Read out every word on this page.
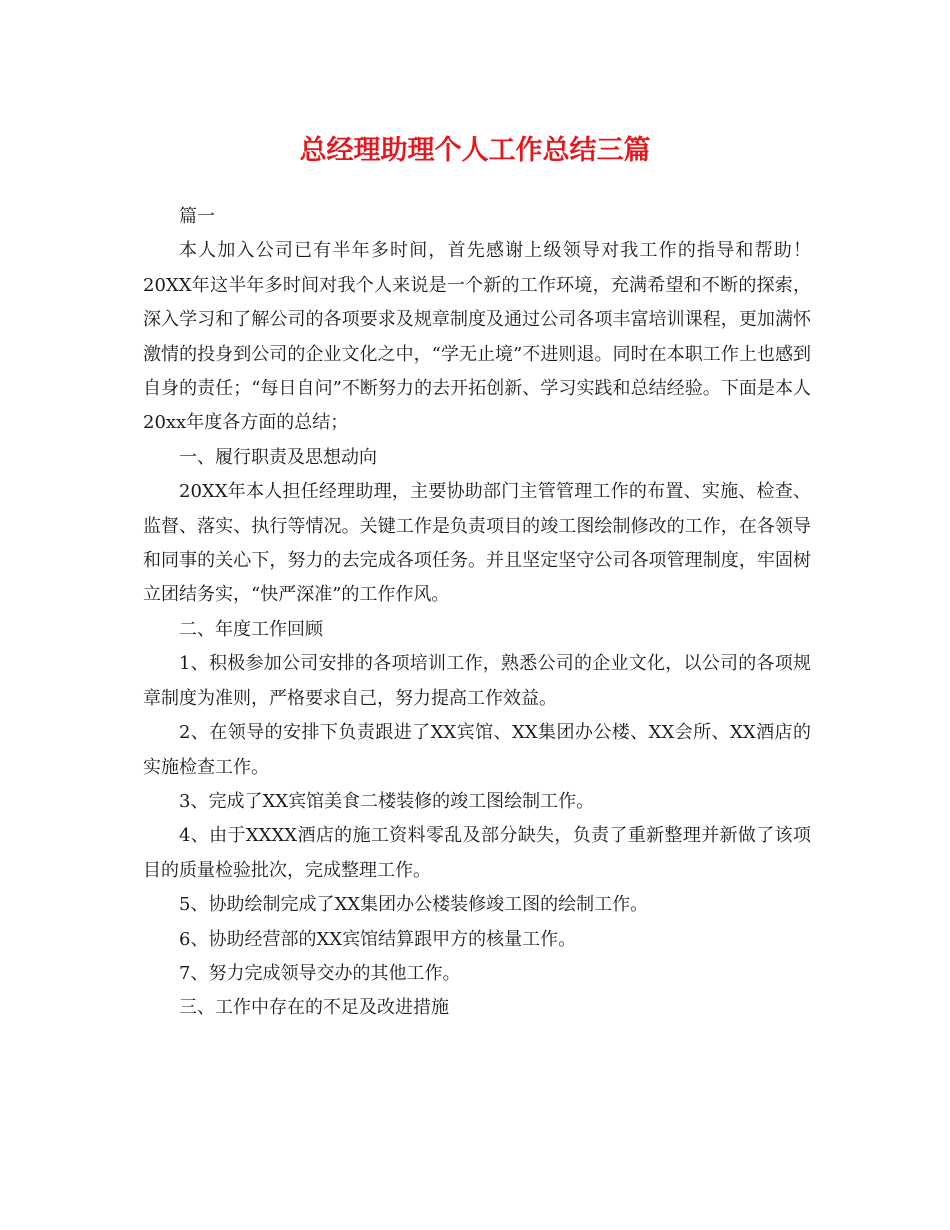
总经理助理个人工作总结三篇

篇一

本人加入公司已有半年多时间，首先感谢上级领导对我工作的指导和帮助！20XX年这半年多时间对我个人来说是一个新的工作环境，充满希望和不断的探索，深入学习和了解公司的各项要求及规章制度及通过公司各项丰富培训课程，更加满怀激情的投身到公司的企业文化之中，“学无止境”不进则退。同时在本职工作上也感到自身的责任；“每日自问”不断努力的去开拓创新、学习实践和总结经验。下面是本人20xx年度各方面的总结；

一、履行职责及思想动向

20XX年本人担任经理助理，主要协助部门主管管理工作的布置、实施、检查、监督、落实、执行等情况。关键工作是负责项目的竣工图绘制修改的工作，在各领导和同事的关心下，努力的去完成各项任务。并且坚定坚守公司各项管理制度，牢固树立团结务实，“快严深准”的工作作风。

二、年度工作回顾

1、积极参加公司安排的各项培训工作，熟悉公司的企业文化，以公司的各项规章制度为准则，严格要求自己，努力提高工作效益。

2、在领导的安排下负责跟进了XX宾馆、XX集团办公楼、XX会所、XX酒店的实施检查工作。

3、完成了XX宾馆美食二楼装修的竣工图绘制工作。

4、由于XXXX酒店的施工资料零乱及部分缺失，负责了重新整理并新做了该项目的质量检验批次，完成整理工作。

5、协助绘制完成了XX集团办公楼装修竣工图的绘制工作。

6、协助经营部的XX宾馆结算跟甲方的核量工作。

7、努力完成领导交办的其他工作。

三、工作中存在的不足及改进措施
